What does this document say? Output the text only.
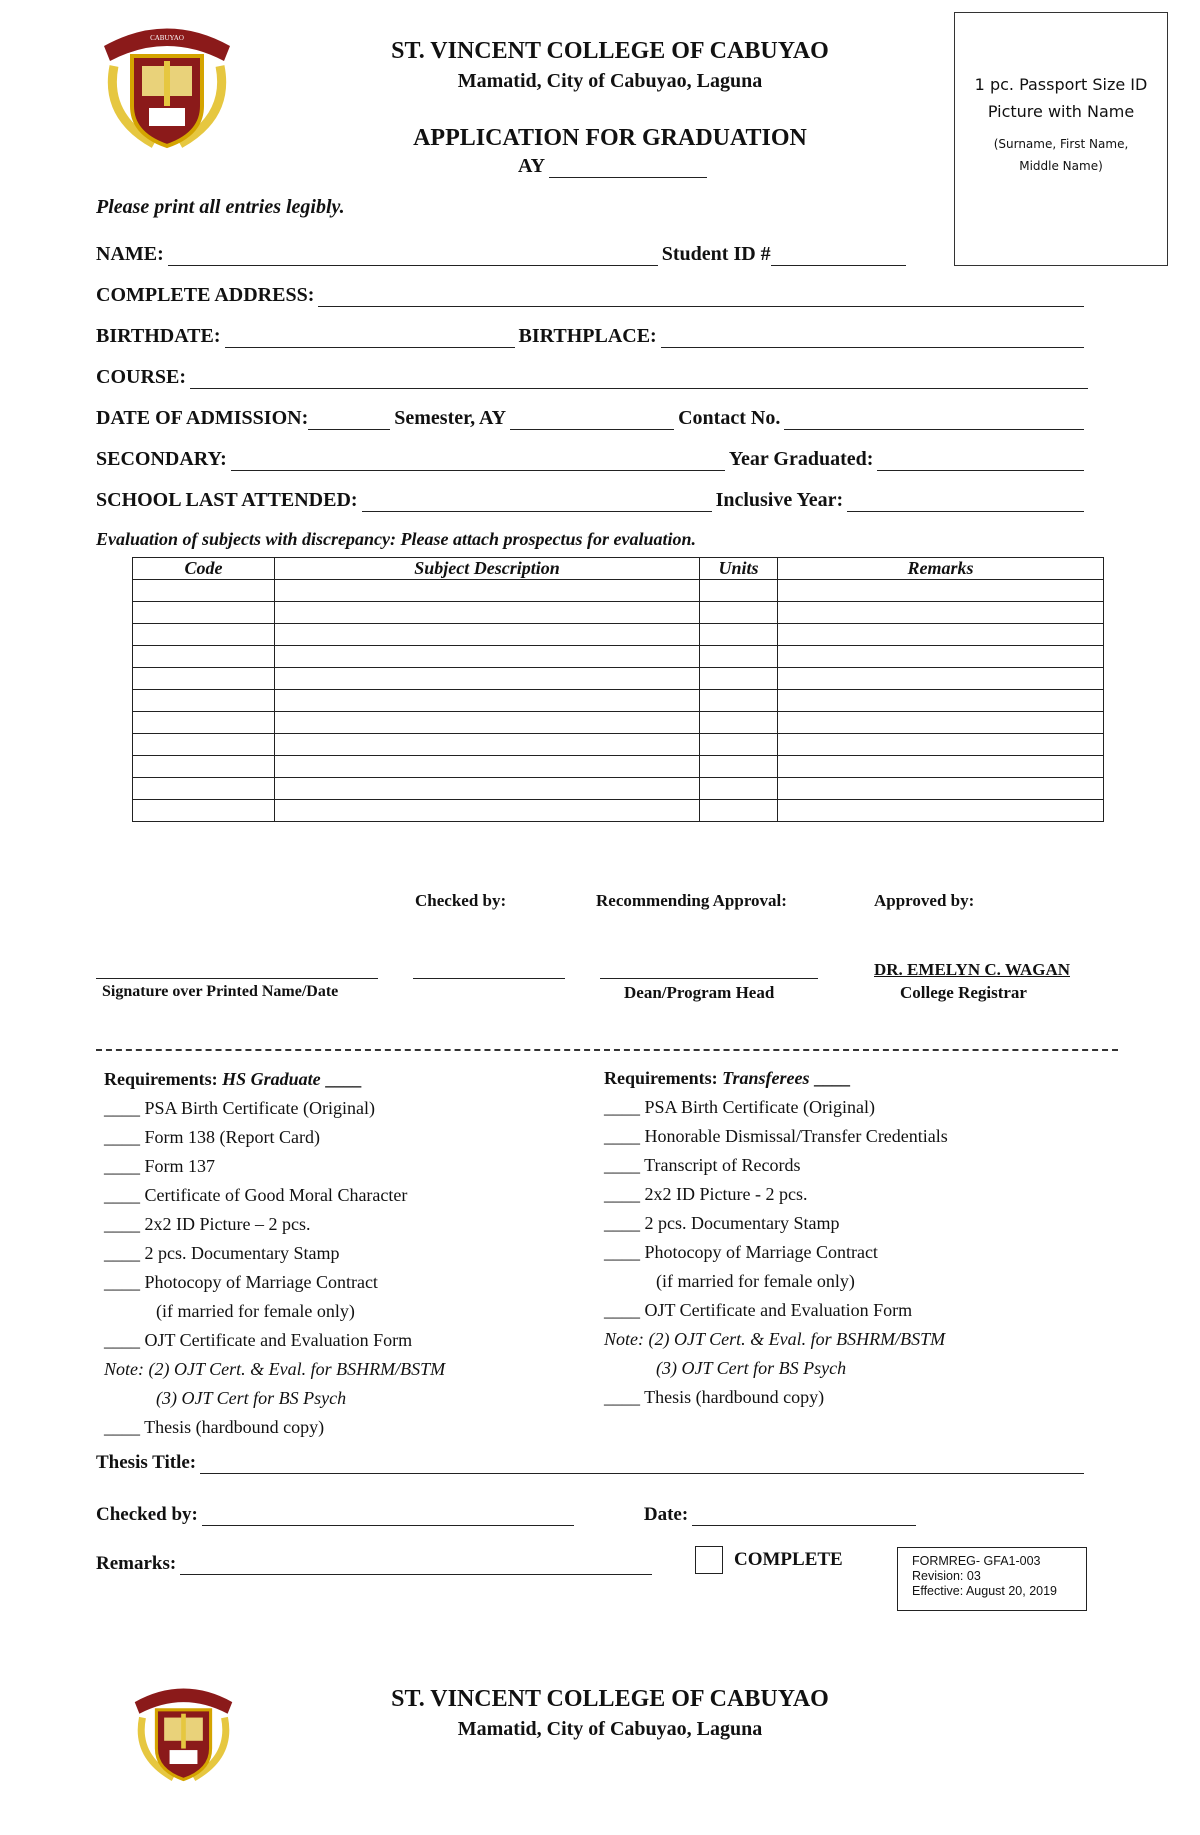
CABUYAO	ST. VINCENT COLLEGE OF CABUYAO
Mamatid, City of Cabuyao, Laguna
APPLICATION FOR GRADUATION
AY
1 pc. Passport Size ID
Picture with Name
(Surname, First Name,
Middle Name)
Please print all entries legibly.
NAME:	Student ID #
COMPLETE ADDRESS:
BIRTHDATE:	BIRTHPLACE:
COURSE:
DATE OF ADMISSION:	Semester, AY	Contact No.
SECONDARY:	Year Graduated:
SCHOOL LAST ATTENDED:	Inclusive Year:
Evaluation of subjects with discrepancy: Please attach prospectus for evaluation.
Code	Subject Description	Units	Remarks

Checked by:	Recommending Approval:	Approved by:
DR. EMELYN C. WAGAN
Signature over Printed Name/Date	Dean/Program Head	College Registrar
Requirements: HS Graduate ____
____ PSA Birth Certificate (Original)
____ Form 138 (Report Card)
____ Form 137
____ Certificate of Good Moral Character
____ 2x2 ID Picture – 2 pcs.
____ 2 pcs. Documentary Stamp
____ Photocopy of Marriage Contract
(if married for female only)
____ OJT Certificate and Evaluation Form
Note: (2) OJT Cert. & Eval. for BSHRM/BSTM
(3) OJT Cert for BS Psych
____ Thesis (hardbound copy)
Requirements: Transferees ____
____ PSA Birth Certificate (Original)
____ Honorable Dismissal/Transfer Credentials
____ Transcript of Records
____ 2x2 ID Picture - 2 pcs.
____ 2 pcs. Documentary Stamp
____ Photocopy of Marriage Contract
(if married for female only)
____ OJT Certificate and Evaluation Form
Note: (2) OJT Cert. & Eval. for BSHRM/BSTM
(3) OJT Cert for BS Psych
____ Thesis (hardbound copy)
Thesis Title:
Checked by:	Date:
Remarks:	COMPLETE	FORMREG- GFA1-003
Revision: 03
Effective: August 20, 2019
ST. VINCENT COLLEGE OF CABUYAO
Mamatid, City of Cabuyao, Laguna
